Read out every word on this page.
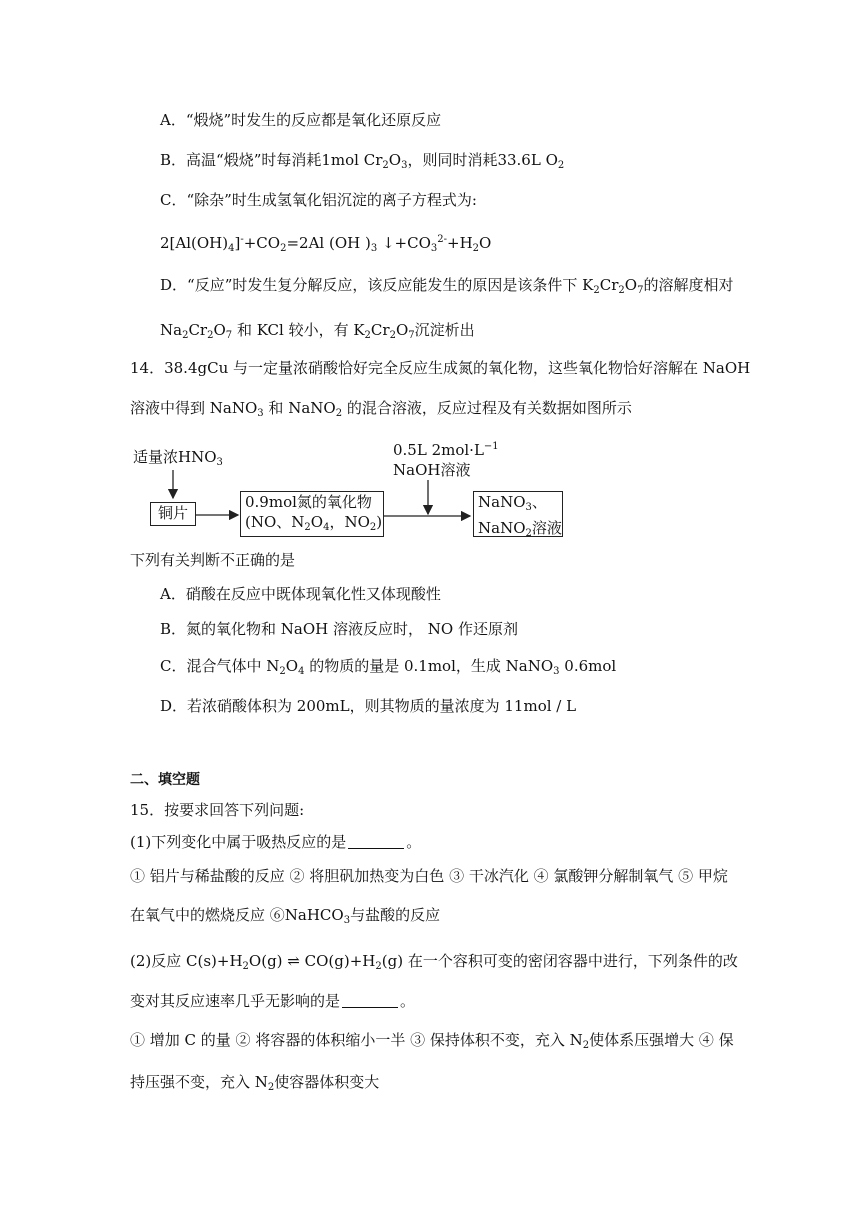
A．“煅烧”时发生的反应都是氧化还原反应
B．高温“煅烧”时每消耗1mol $Cr_2O_3$，则同时消耗33.6L $O_2$
C．“除杂”时生成氢氧化铝沉淀的离子方程式为:
$2[Al(OH)_4]^-+CO_2=2Al$ (OH )$_3$ $↓+CO_3^{2-}+H_2O$
D．“反应”时发生复分解反应，该反应能发生的原因是该条件下 $K_2Cr_2O_7$的溶解度相对
$Na_2Cr_2O_7$ 和 KCl 较小，有 $K_2Cr_2O_7$沉淀析出
14．38.4gCu 与一定量浓硝酸恰好完全反应生成氮的氧化物，这些氧化物恰好溶解在 NaOH
溶液中得到 NaNO$_3$ 和 NaNO$_2$ 的混合溶液，反应过程及有关数据如图所示
适量浓$HNO_3$
铜片
0.9mol氮的氧化物
(NO、$N_2O_4$，$NO_2$)
0.5L $2mol\cdot L^{-1}$
NaOH溶液
NaNO$_3$、
NaNO$_2$溶液
下列有关判断不正确的是
A．硝酸在反应中既体现氧化性又体现酸性
B．氮的氧化物和 NaOH 溶液反应时， NO 作还原剂
C．混合气体中 $N_2O_4$ 的物质的量是 0.1mol，生成 NaNO$_3$ 0.6mol
D．若浓硝酸体积为 200mL，则其物质的量浓度为 11mol / L
二、填空题
15．按要求回答下列问题:
(1)下列变化中属于吸热反应的是	。
① 铝片与稀盐酸的反应 ② 将胆矾加热变为白色 ③ 干冰汽化 ④ 氯酸钾分解制氧气 ⑤ 甲烷
在氧气中的燃烧反应 ⑥NaHCO$_3$与盐酸的反应
(2)反应 $C(s)+H_2O(g)$ ⇌ $CO(g)+H_2(g)$ 在一个容积可变的密闭容器中进行，下列条件的改
变对其反应速率几乎无影响的是	。
① 增加 C 的量 ② 将容器的体积缩小一半 ③ 保持体积不变，充入 $N_2$使体系压强增大 ④ 保
持压强不变，充入 $N_2$使容器体积变大
